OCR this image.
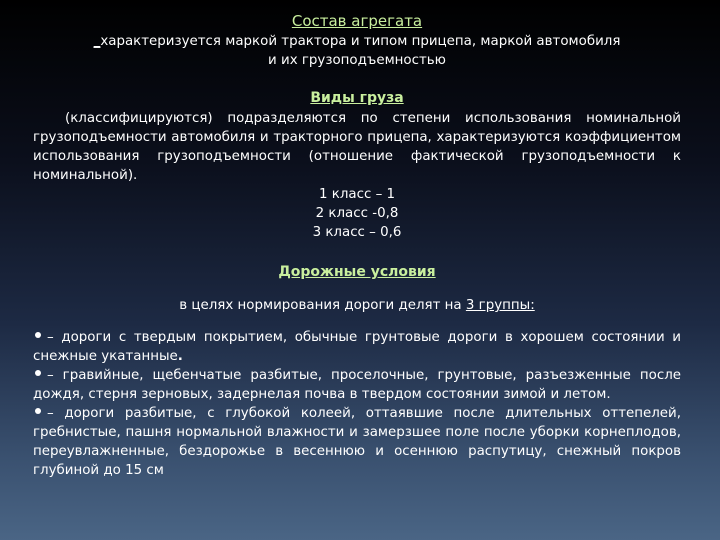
Состав агрегата
_характеризуется маркой трактора и типом прицепа, маркой автомобиля
и их грузоподъемностью
Виды груза
(классифицируются) подразделяются по степени использования номинальной грузоподъемности автомобиля и тракторного прицепа, характеризуются коэффициентом использования грузоподъемности (отношение фактической грузоподъемности к номинальной).
1 класс – 1
2 класс -0,8
3 класс – 0,6
Дорожные условия
в целях нормирования дороги делят на 3 группы:
– дороги с твердым покрытием, обычные грунтовые дороги в хорошем состоянии и снежные укатанные.
– гравийные, щебенчатые разбитые, проселочные, грунтовые, разъезженные после дождя, стерня зерновых, задернелая почва в твердом состоянии зимой и летом.
– дороги разбитые, с глубокой колеей, оттаявшие после длительных оттепелей, гребнистые, пашня нормальной влажности и замерзшее поле после уборки корнеплодов, переувлажненные, бездорожье в весеннюю и осеннюю распутицу, снежный покров глубиной до 15 см
